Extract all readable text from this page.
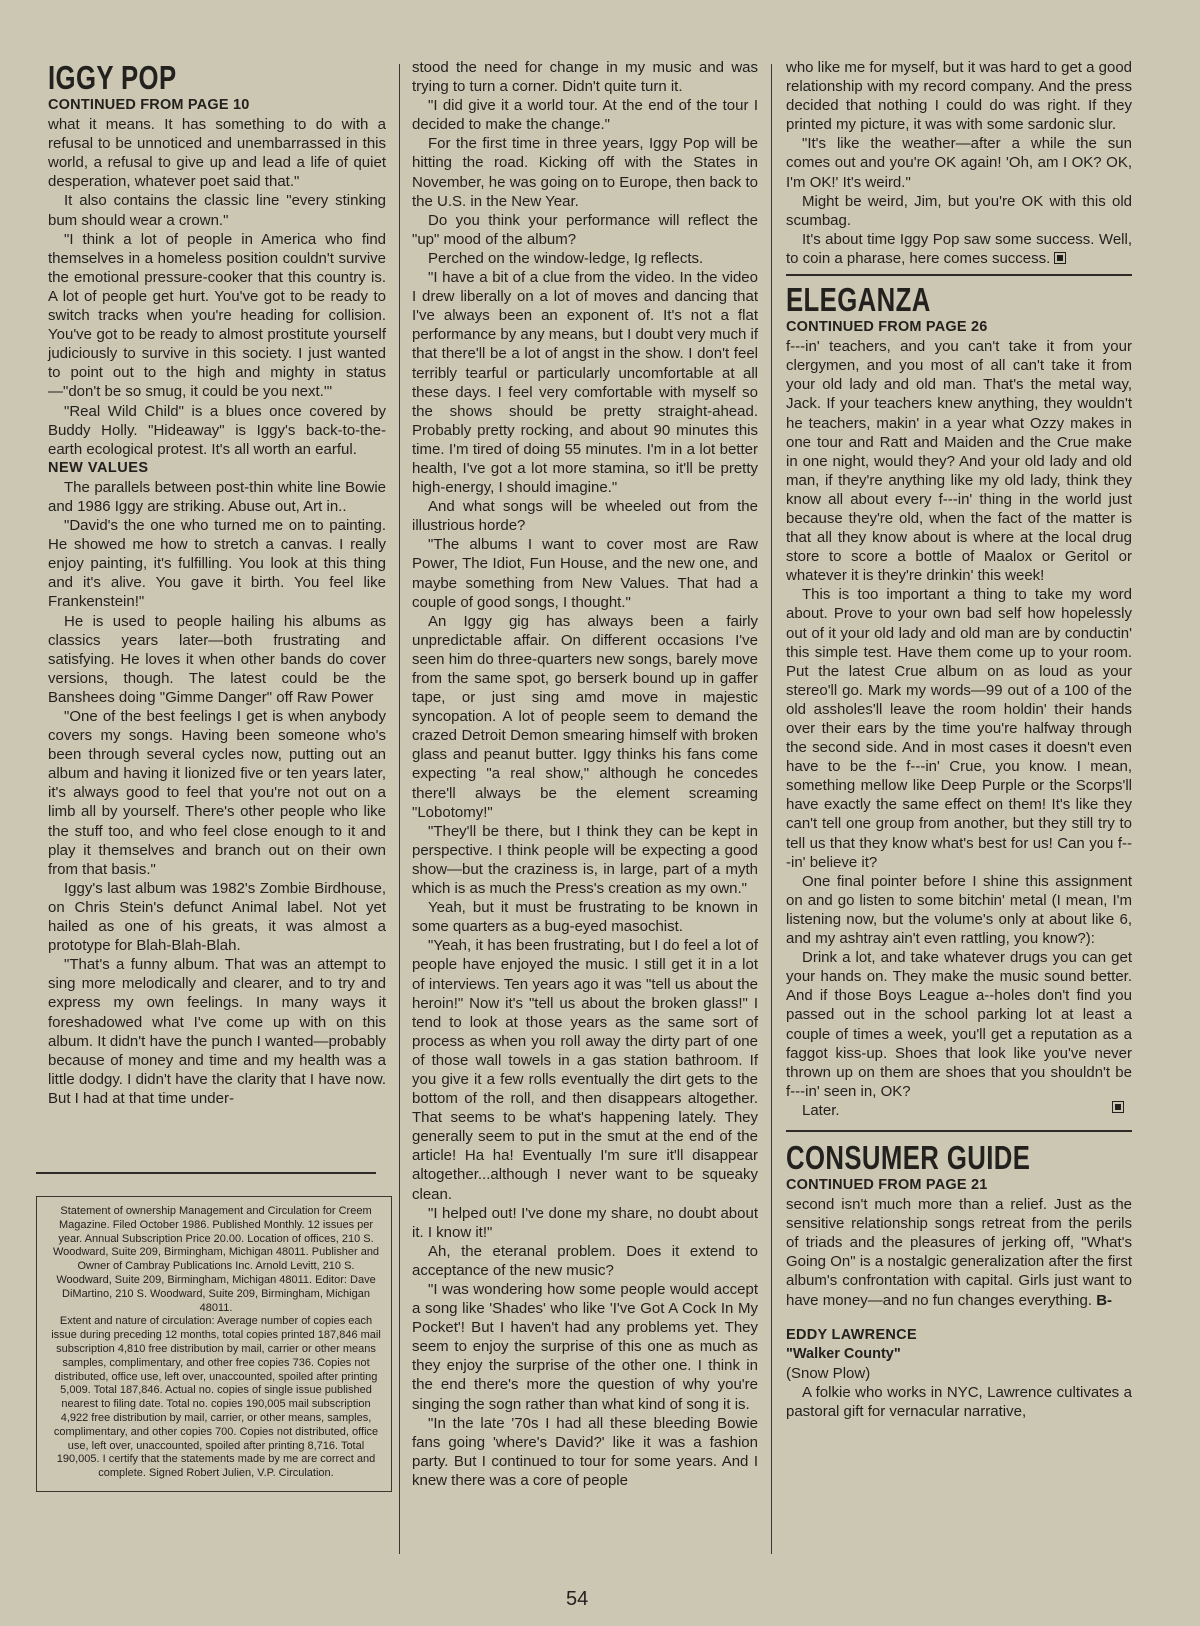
IGGY POP

CONTINUED FROM PAGE 10

what it means. It has something to do with a refusal to be unnoticed and unembarrassed in this world, a refusal to give up and lead a life of quiet desperation, whatever poet said that."

It also contains the classic line "every stinking bum should wear a crown."

"I think a lot of people in America who find themselves in a homeless position couldn't survive the emotional pressure-cooker that this country is. A lot of people get hurt. You've got to be ready to switch tracks when you're heading for collision. You've got to be ready to almost prostitute yourself judiciously to survive in this society. I just wanted to point out to the high and mighty in status—"don't be so smug, it could be you next.'"

"Real Wild Child" is a blues once covered by Buddy Holly. "Hideaway" is Iggy's back-to-the-earth ecological protest. It's all worth an earful.

NEW VALUES

The parallels between post-thin white line Bowie and 1986 Iggy are striking. Abuse out, Art in..

"David's the one who turned me on to painting. He showed me how to stretch a canvas. I really enjoy painting, it's fulfilling. You look at this thing and it's alive. You gave it birth. You feel like Frankenstein!"

He is used to people hailing his albums as classics years later—both frustrating and satisfying. He loves it when other bands do cover versions, though. The latest could be the Banshees doing "Gimme Danger" off Raw Power

"One of the best feelings I get is when anybody covers my songs. Having been someone who's been through several cycles now, putting out an album and having it lionized five or ten years later, it's always good to feel that you're not out on a limb all by yourself. There's other people who like the stuff too, and who feel close enough to it and play it themselves and branch out on their own from that basis."

Iggy's last album was 1982's Zombie Birdhouse, on Chris Stein's defunct Animal label. Not yet hailed as one of his greats, it was almost a prototype for Blah-Blah-Blah.

"That's a funny album. That was an attempt to sing more melodically and clearer, and to try and express my own feelings. In many ways it foreshadowed what I've come up with on this album. It didn't have the punch I wanted—probably because of money and time and my health was a little dodgy. I didn't have the clarity that I have now. But I had at that time under-

Statement of ownership Management and Circulation for Creem Magazine. Filed October 1986. Published Monthly. 12 issues per year. Annual Subscription Price 20.00. Location of offices, 210 S. Woodward, Suite 209, Birmingham, Michigan 48011. Publisher and Owner of Cambray Publications Inc. Arnold Levitt, 210 S. Woodward, Suite 209, Birmingham, Michigan 48011. Editor: Dave DiMartino, 210 S. Woodward, Suite 209, Birmingham, Michigan 48011.

Extent and nature of circulation: Average number of copies each issue during preceding 12 months, total copies printed 187,846 mail subscription 4,810 free distribution by mail, carrier or other means samples, complimentary, and other free copies 736. Copies not distributed, office use, left over, unaccounted, spoiled after printing 5,009. Total 187,846. Actual no. copies of single issue published nearest to filing date. Total no. copies 190,005 mail subscription 4,922 free distribution by mail, carrier, or other means, samples, complimentary, and other copies 700. Copies not distributed, office use, left over, unaccounted, spoiled after printing 8,716. Total 190,005. I certify that the statements made by me are correct and complete. Signed Robert Julien, V.P. Circulation.

stood the need for change in my music and was trying to turn a corner. Didn't quite turn it.

"I did give it a world tour. At the end of the tour I decided to make the change."

For the first time in three years, Iggy Pop will be hitting the road. Kicking off with the States in November, he was going on to Europe, then back to the U.S. in the New Year.

Do you think your performance will reflect the "up" mood of the album?

Perched on the window-ledge, Ig reflects.

"I have a bit of a clue from the video. In the video I drew liberally on a lot of moves and dancing that I've always been an exponent of. It's not a flat performance by any means, but I doubt very much if that there'll be a lot of angst in the show. I don't feel terribly tearful or particularly uncomfortable at all these days. I feel very comfortable with myself so the shows should be pretty straight-ahead. Probably pretty rocking, and about 90 minutes this time. I'm tired of doing 55 minutes. I'm in a lot better health, I've got a lot more stamina, so it'll be pretty high-energy, I should imagine."

And what songs will be wheeled out from the illustrious horde?

"The albums I want to cover most are Raw Power, The Idiot, Fun House, and the new one, and maybe something from New Values. That had a couple of good songs, I thought."

An Iggy gig has always been a fairly unpredictable affair. On different occasions I've seen him do three-quarters new songs, barely move from the same spot, go berserk bound up in gaffer tape, or just sing amd move in majestic syncopation. A lot of people seem to demand the crazed Detroit Demon smearing himself with broken glass and peanut butter. Iggy thinks his fans come expecting "a real show," although he concedes there'll always be the element screaming "Lobotomy!"

"They'll be there, but I think they can be kept in perspective. I think people will be expecting a good show—but the craziness is, in large, part of a myth which is as much the Press's creation as my own."

Yeah, but it must be frustrating to be known in some quarters as a bug-eyed masochist.

"Yeah, it has been frustrating, but I do feel a lot of people have enjoyed the music. I still get it in a lot of interviews. Ten years ago it was "tell us about the heroin!" Now it's "tell us about the broken glass!" I tend to look at those years as the same sort of process as when you roll away the dirty part of one of those wall towels in a gas station bathroom. If you give it a few rolls eventually the dirt gets to the bottom of the roll, and then disappears altogether. That seems to be what's happening lately. They generally seem to put in the smut at the end of the article! Ha ha! Eventually I'm sure it'll disappear altogether...although I never want to be squeaky clean.

"I helped out! I've done my share, no doubt about it. I know it!"

Ah, the eteranal problem. Does it extend to acceptance of the new music?

"I was wondering how some people would accept a song like 'Shades' who like 'I've Got A Cock In My Pocket'! But I haven't had any problems yet. They seem to enjoy the surprise of this one as much as they enjoy the surprise of the other one. I think in the end there's more the question of why you're singing the sogn rather than what kind of song it is.

"In the late '70s I had all these bleeding Bowie fans going 'where's David?' like it was a fashion party. But I continued to tour for some years. And I knew there was a core of people

who like me for myself, but it was hard to get a good relationship with my record company. And the press decided that nothing I could do was right. If they printed my picture, it was with some sardonic slur.

"It's like the weather—after a while the sun comes out and you're OK again! 'Oh, am I OK? OK, I'm OK!' It's weird."

Might be weird, Jim, but you're OK with this old scumbag.

It's about time Iggy Pop saw some success. Well, to coin a pharase, here comes success.

ELEGANZA

CONTINUED FROM PAGE 26

f---in' teachers, and you can't take it from your clergymen, and you most of all can't take it from your old lady and old man. That's the metal way, Jack. If your teachers knew anything, they wouldn't he teachers, makin' in a year what Ozzy makes in one tour and Ratt and Maiden and the Crue make in one night, would they? And your old lady and old man, if they're anything like my old lady, think they know all about every f---in' thing in the world just because they're old, when the fact of the matter is that all they know about is where at the local drug store to score a bottle of Maalox or Geritol or whatever it is they're drinkin' this week!

This is too important a thing to take my word about. Prove to your own bad self how hopelessly out of it your old lady and old man are by conductin' this simple test. Have them come up to your room. Put the latest Crue album on as loud as your stereo'll go. Mark my words—99 out of a 100 of the old assholes'll leave the room holdin' their hands over their ears by the time you're halfway through the second side. And in most cases it doesn't even have to be the f---in' Crue, you know. I mean, something mellow like Deep Purple or the Scorps'll have exactly the same effect on them! It's like they can't tell one group from another, but they still try to tell us that they know what's best for us! Can you f---in' believe it?

One final pointer before I shine this assignment on and go listen to some bitchin' metal (I mean, I'm listening now, but the volume's only at about like 6, and my ashtray ain't even rattling, you know?):

Drink a lot, and take whatever drugs you can get your hands on. They make the music sound better. And if those Boys League a--holes don't find you passed out in the school parking lot at least a couple of times a week, you'll get a reputation as a faggot kiss-up. Shoes that look like you've never thrown up on them are shoes that you shouldn't be f---in' seen in, OK?

Later.

CONSUMER GUIDE

CONTINUED FROM PAGE 21

second isn't much more than a relief. Just as the sensitive relationship songs retreat from the perils of triads and the pleasures of jerking off, "What's Going On" is a nostalgic generalization after the first album's confrontation with capital. Girls just want to have money—and no fun changes everything. B-

EDDY LAWRENCE

"Walker County"

(Snow Plow)

A folkie who works in NYC, Lawrence cultivates a pastoral gift for vernacular narrative,

54
